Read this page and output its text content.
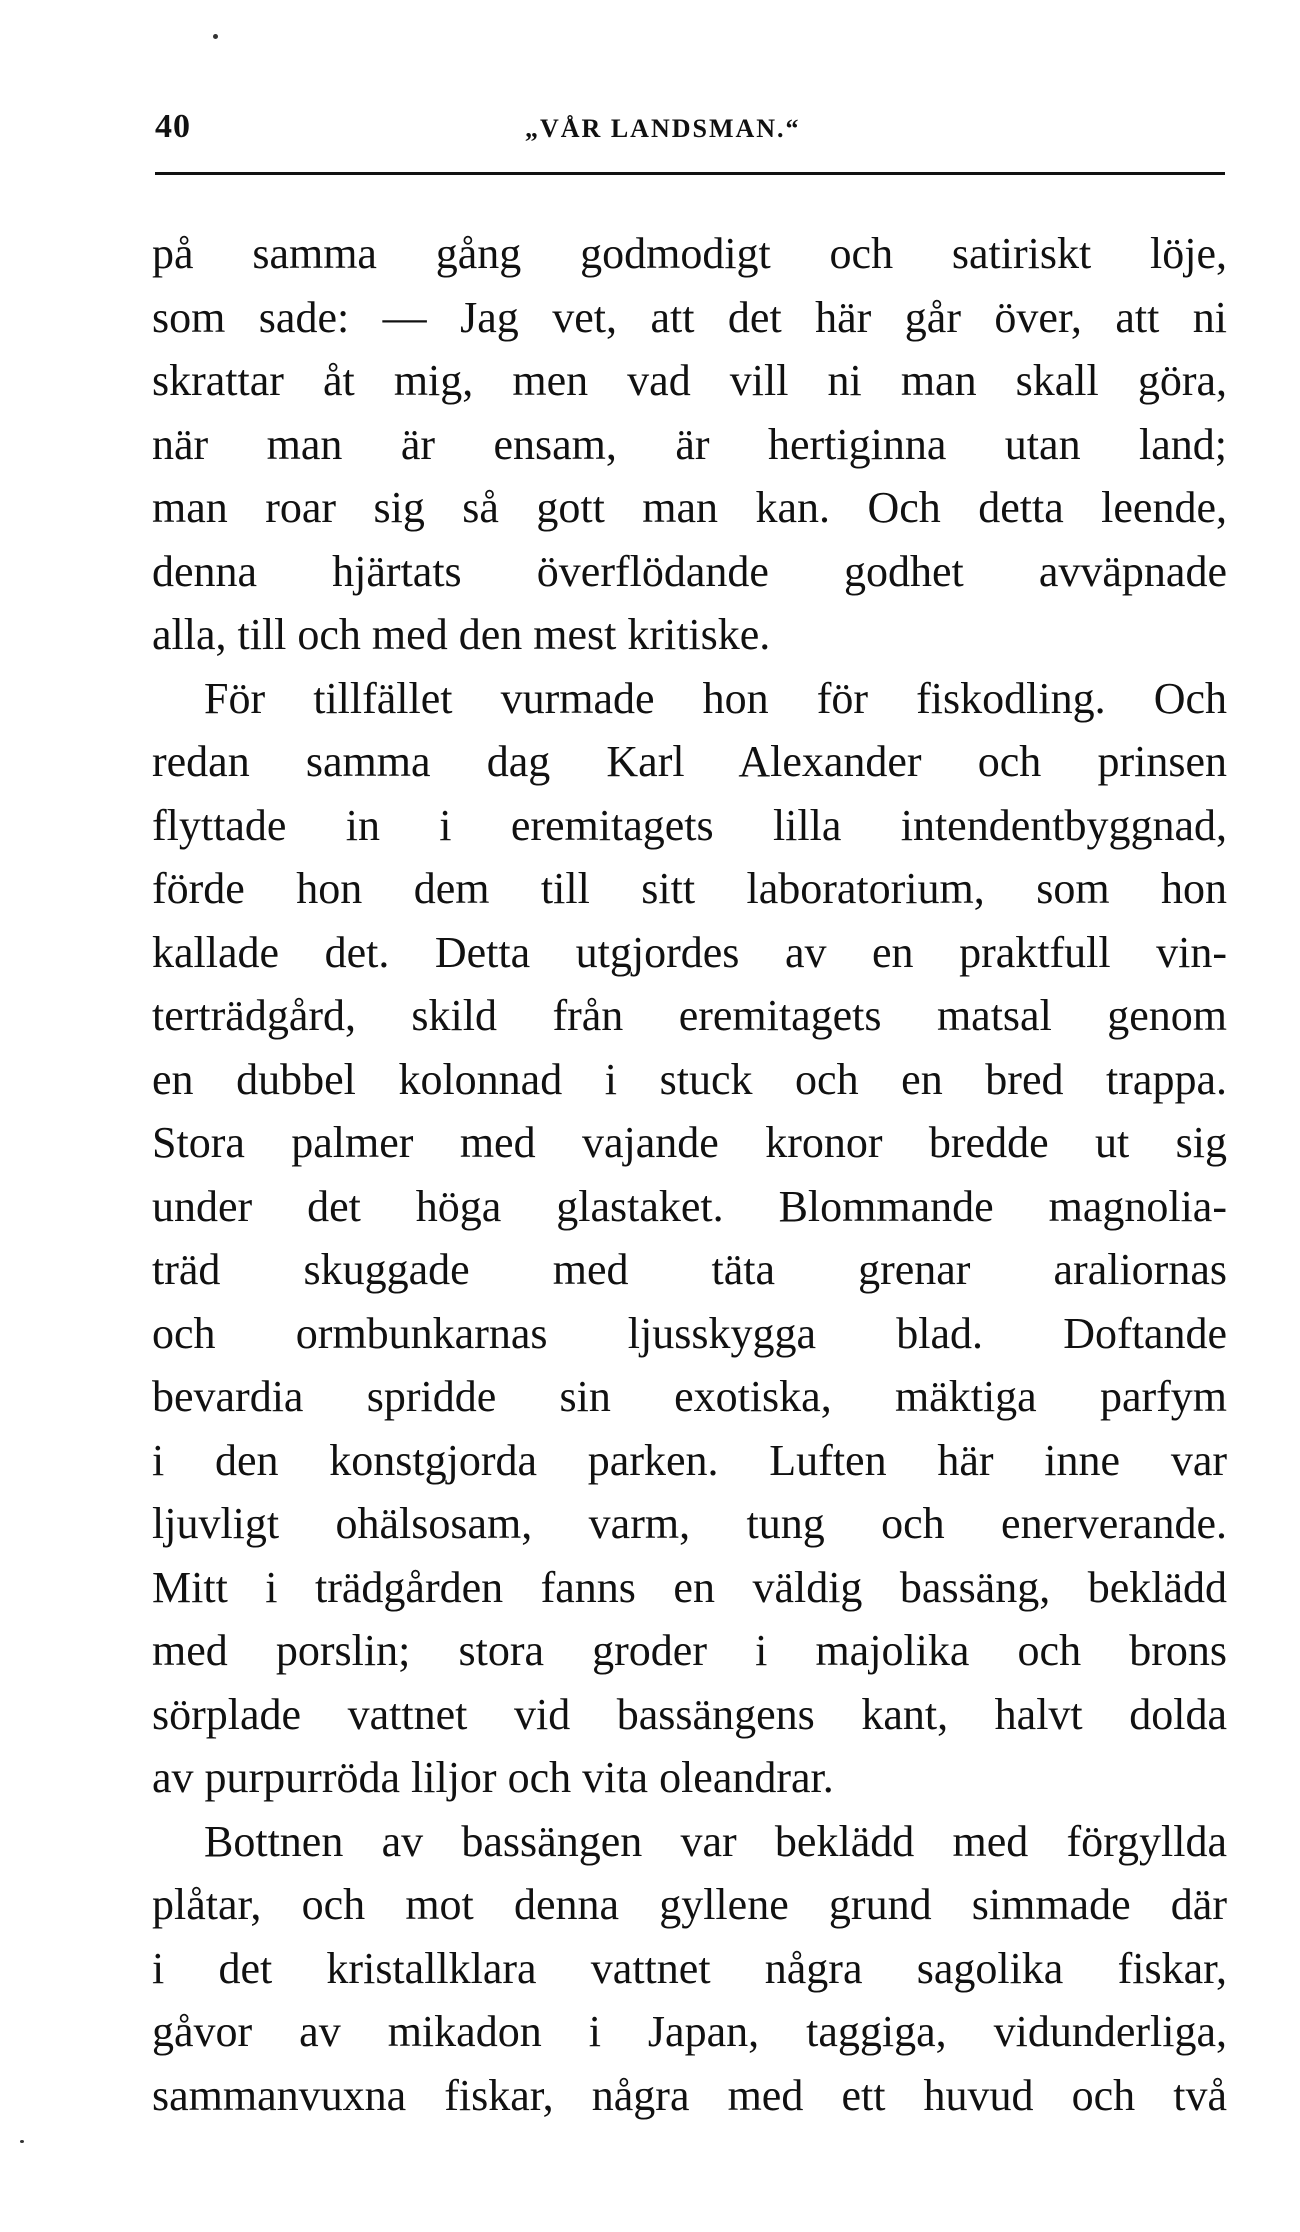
40	„VÅR LANDSMAN.“
på samma gång godmodigt och satiriskt löje,
som sade: — Jag vet, att det här går över, att ni
skrattar åt mig, men vad vill ni man skall göra,
när man är ensam, är hertiginna utan land;
man roar sig så gott man kan. Och detta leende,
denna hjärtats överflödande godhet avväpnade
alla, till och med den mest kritiske.
För tillfället vurmade hon för fiskodling. Och
redan samma dag Karl Alexander och prinsen
flyttade in i eremitagets lilla intendentbyggnad,
förde hon dem till sitt laboratorium, som hon
kallade det. Detta utgjordes av en praktfull vin-
terträdgård, skild från eremitagets matsal genom
en dubbel kolonnad i stuck och en bred trappa.
Stora palmer med vajande kronor bredde ut sig
under det höga glastaket. Blommande magnolia-
träd skuggade med täta grenar araliornas
och ormbunkarnas ljusskygga blad. Doftande
bevardia spridde sin exotiska, mäktiga parfym
i den konstgjorda parken. Luften här inne var
ljuvligt ohälsosam, varm, tung och enerverande.
Mitt i trädgården fanns en väldig bassäng, beklädd
med porslin; stora groder i majolika och brons
sörplade vattnet vid bassängens kant, halvt dolda
av purpurröda liljor och vita oleandrar.
Bottnen av bassängen var beklädd med förgyllda
plåtar, och mot denna gyllene grund simmade där
i det kristallklara vattnet några sagolika fiskar,
gåvor av mikadon i Japan, taggiga, vidunderliga,
sammanvuxna fiskar, några med ett huvud och två
